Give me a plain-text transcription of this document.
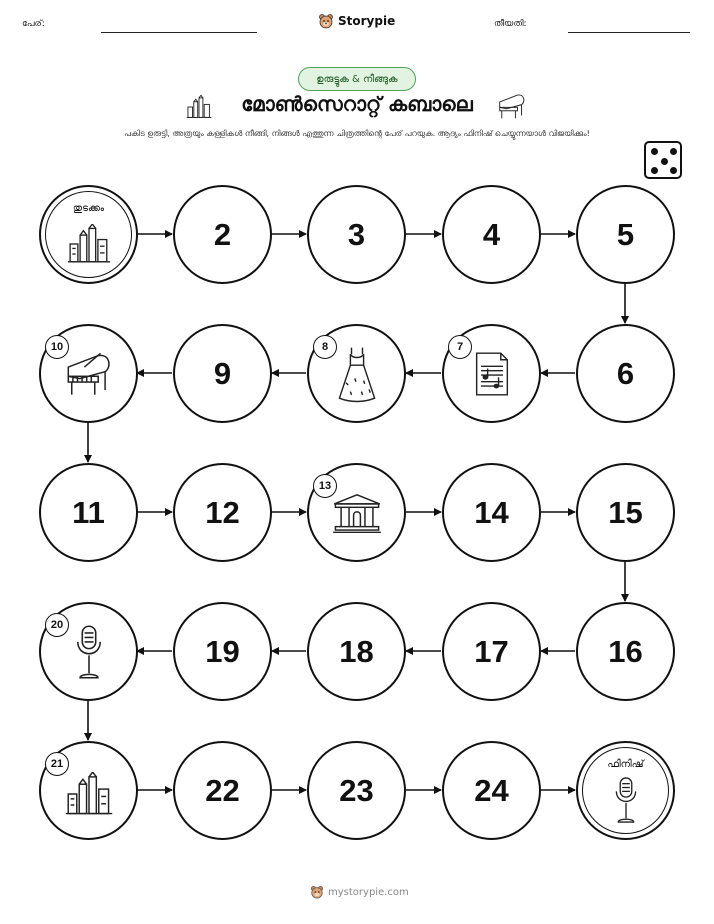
പേര്:	Storypie	തീയതി:
ഉരുട്ടുക & നീങ്ങുക
മോൺസെറാറ്റ് കബാലെ
പകിട ഉരുട്ടി, അത്രയും കള്ളികൾ നീങ്ങി, നിങ്ങൾ എത്തുന്ന ചിത്രത്തിന്റെ പേര് പറയുക. ആദ്യം ഫിനിഷ് ചെയ്യുന്നയാൾ വിജയിക്കും!
തുടക്കം
2	3	4	5
10
9
8	7
6
11	12
13
14	15
20
19	18	17	16
21
22	23	24
ഫിനിഷ്
mystorypie.com
